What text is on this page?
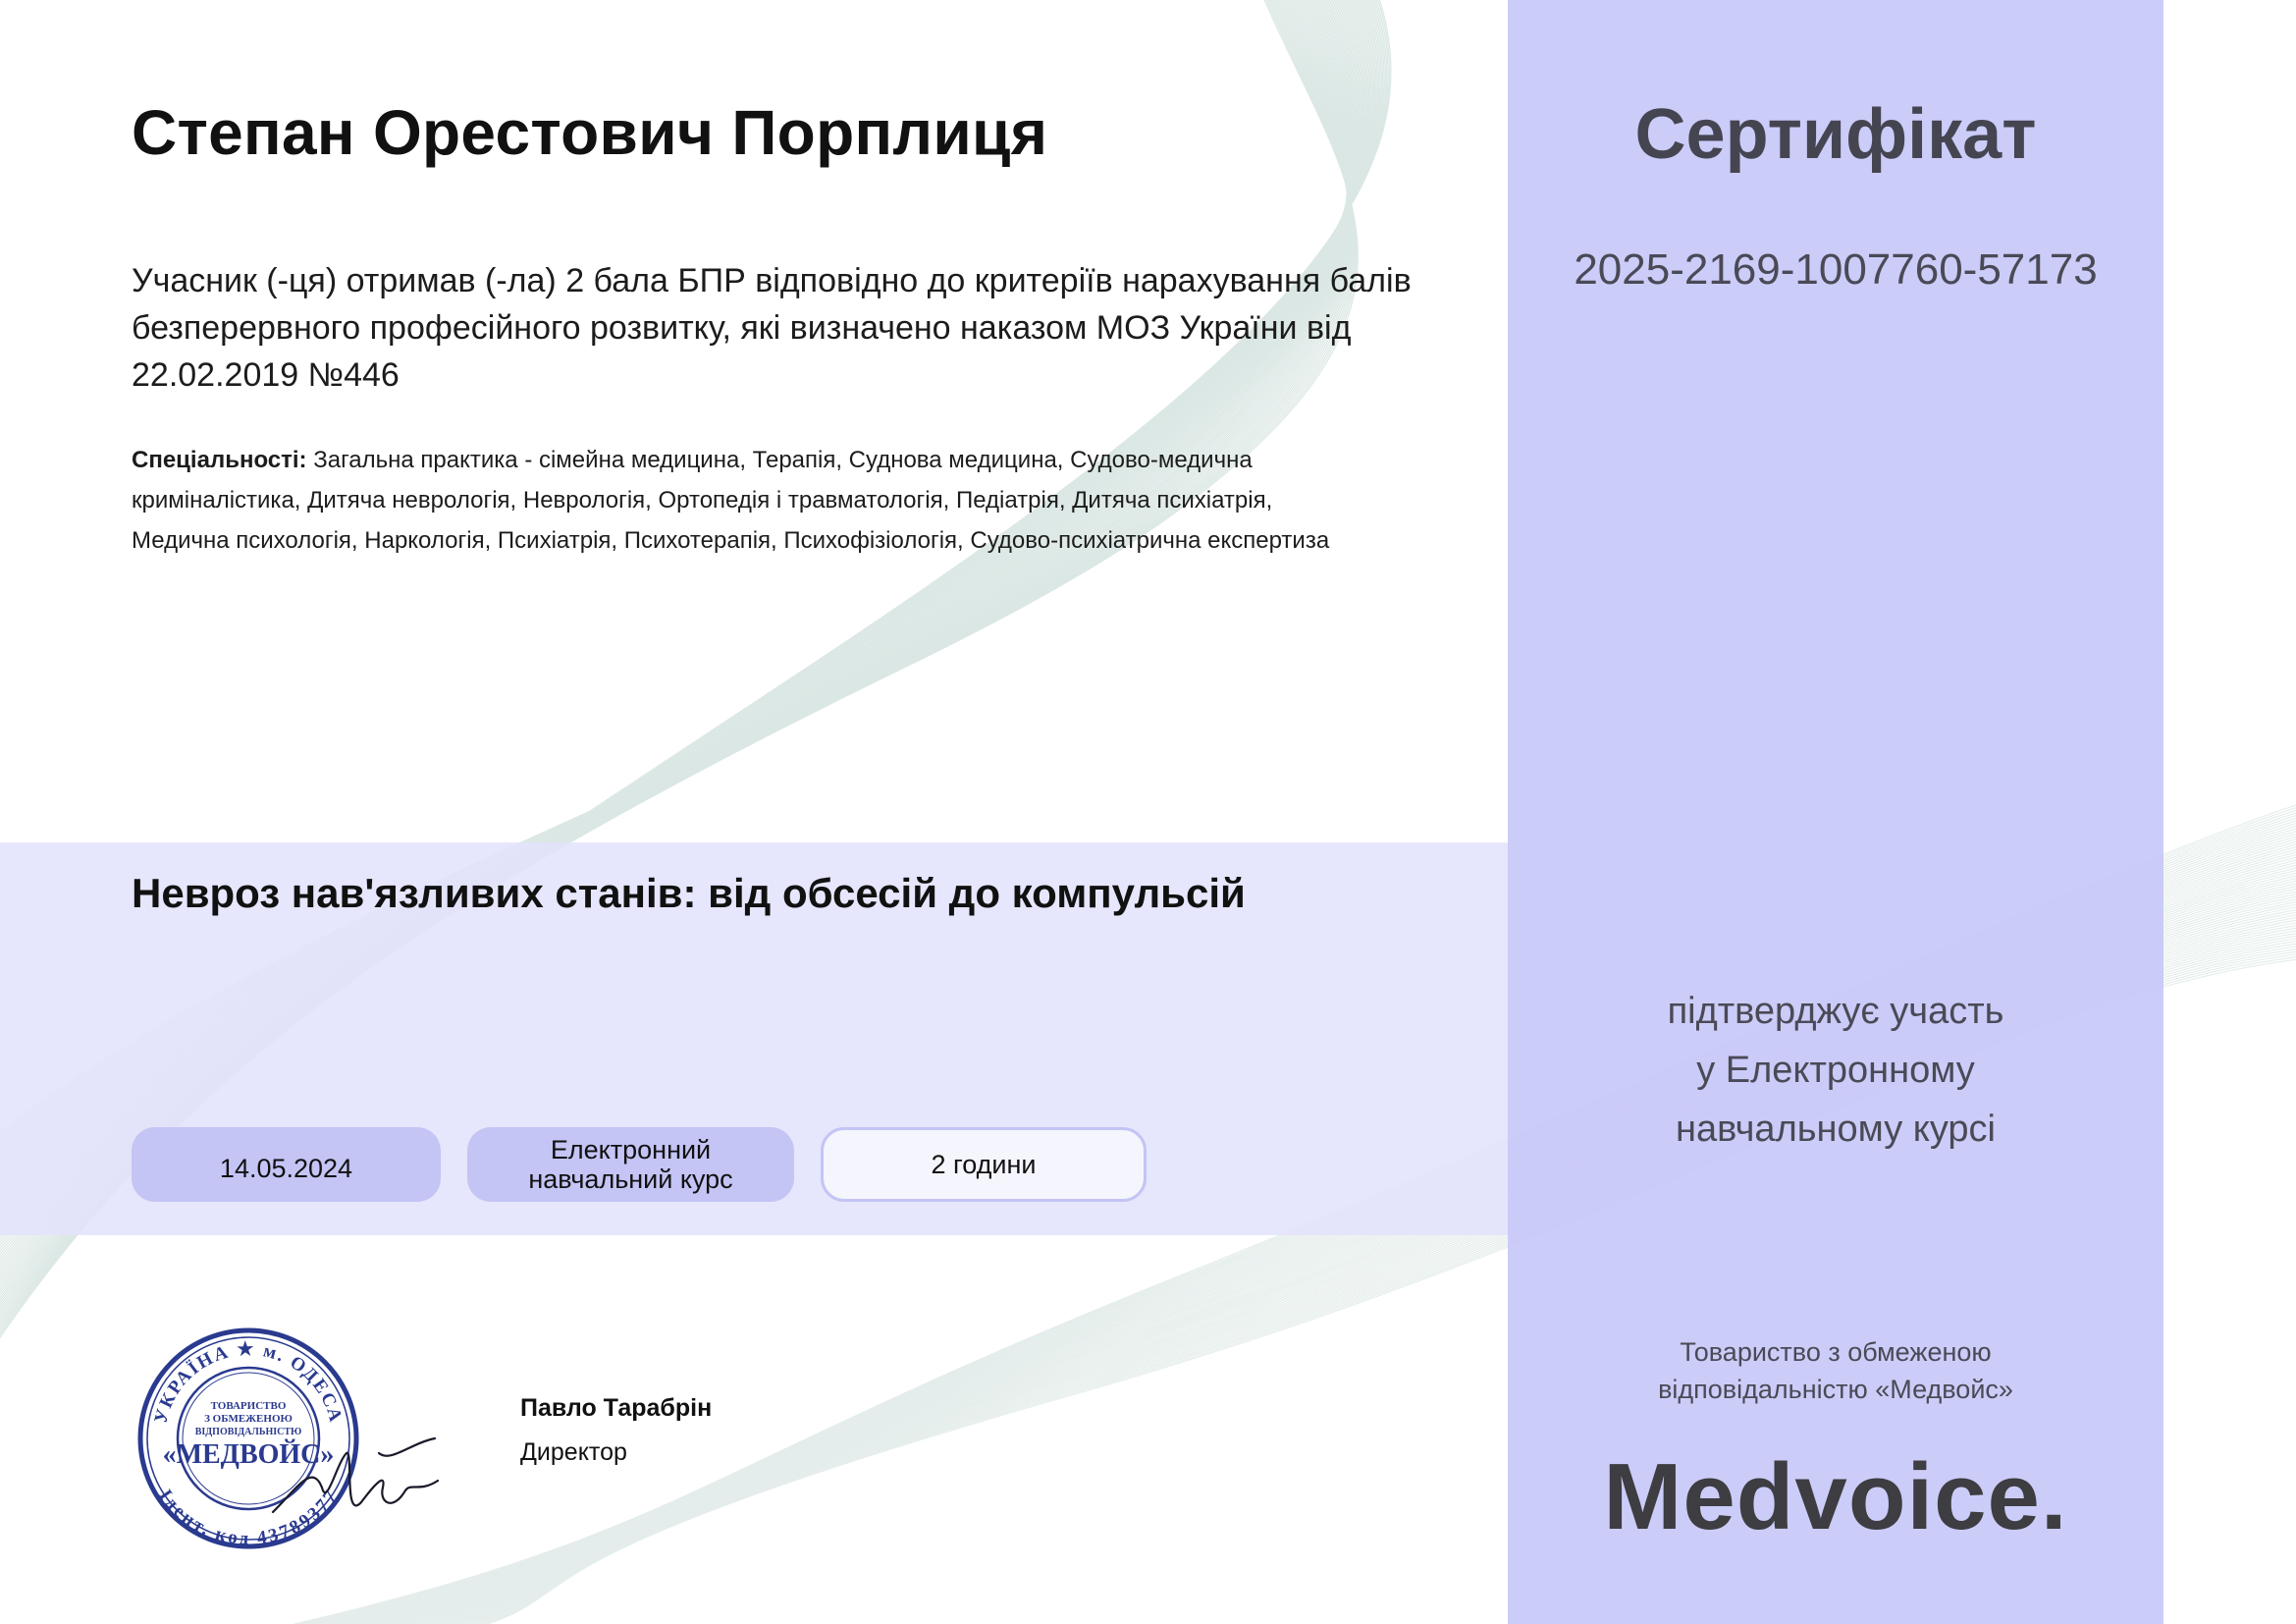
Степан Орестович Порплиця

Учасник (-ця) отримав (-ла) 2 бала БПР відповідно до критеріїв нарахування балів
безперервного професійного розвитку, які визначено наказом МОЗ України від
22.02.2019 №446

Спеціальності: Загальна практика - сімейна медицина, Терапія, Суднова медицина, Судово-медична
криміналістика, Дитяча неврологія, Неврологія, Ортопедія і травматологія, Педіатрія, Дитяча психіатрія,
Медична психологія, Наркологія, Психіатрія, Психотерапія, Психофізіологія, Судово-психіатрична експертиза

Невроз нав'язливих станів: від обсесій до компульсій
14.05.2024
Електронний
навчальний курс	2 години
УКРАЇНА ★ м. ОДЕСА
Ідент. код 43789377
ТОВАРИСТВО
З ОБМЕЖЕНОЮ
ВІДПОВІДАЛЬНІСТЮ
«МЕДВОЙС»

Павло Тарабрін

Директор

Сертифікат
2025-2169-1007760-57173
підтверджує участь
у Електронному
навчальному курсі
Товариство з обмеженою
відповідальністю «Медвойс»
Medvoice.
